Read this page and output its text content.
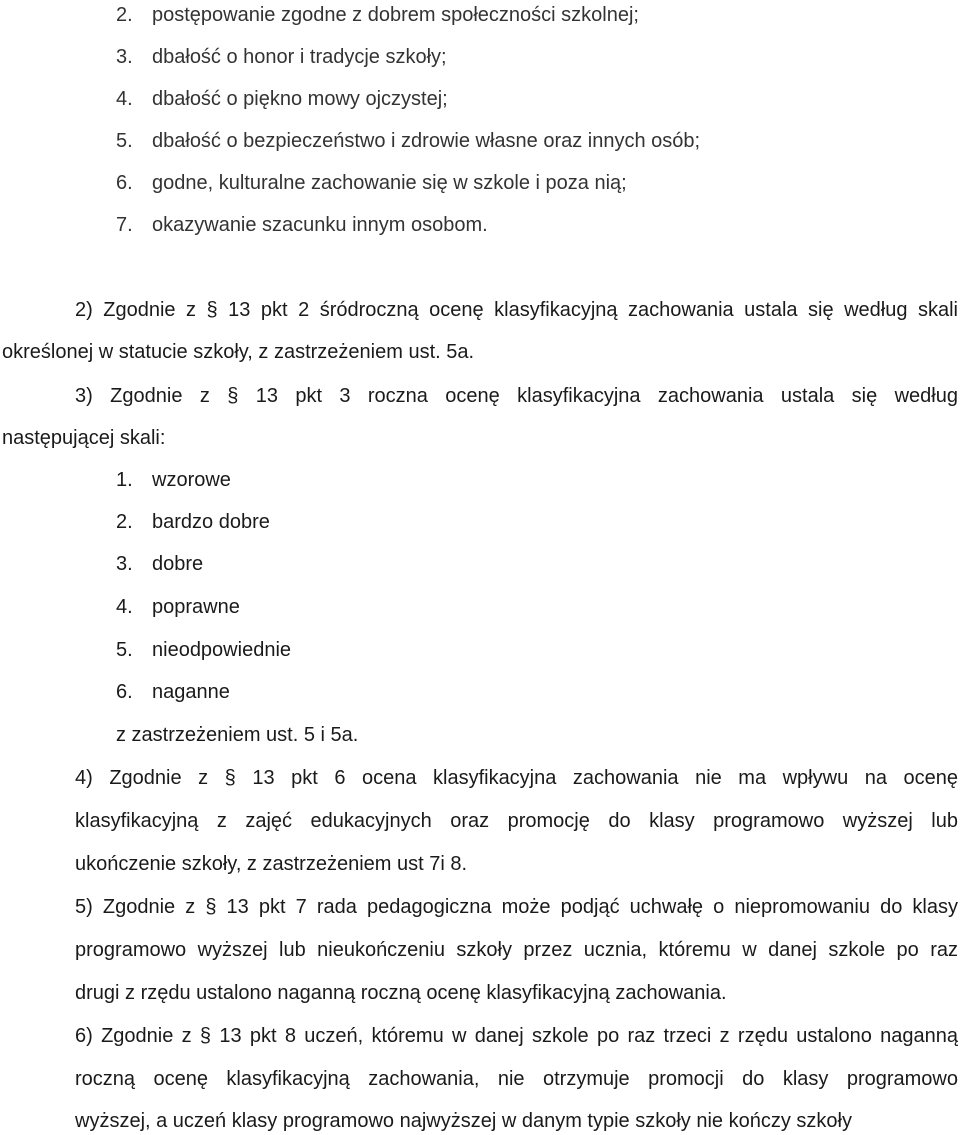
2. postępowanie zgodne z dobrem społeczności szkolnej;

3. dbałość o honor i tradycje szkoły;

4. dbałość o piękno mowy ojczystej;

5. dbałość o bezpieczeństwo i zdrowie własne oraz innych osób;

6. godne, kulturalne zachowanie się w szkole i poza nią;

7. okazywanie szacunku innym osobom.

2) Zgodnie z § 13 pkt 2 śródroczną ocenę klasyfikacyjną zachowania ustala się według skali

określonej w statucie szkoły, z zastrzeżeniem ust. 5a.

3) Zgodnie z § 13 pkt 3 roczna ocenę klasyfikacyjna zachowania ustala się według

następującej skali:

1. wzorowe

2. bardzo dobre

3. dobre

4. poprawne

5. nieodpowiednie

6. naganne

z zastrzeżeniem ust. 5 i 5a.

4) Zgodnie z § 13 pkt 6 ocena klasyfikacyjna zachowania nie ma wpływu na ocenę

klasyfikacyjną z zajęć edukacyjnych oraz promocję do klasy programowo wyższej lub

ukończenie szkoły, z zastrzeżeniem ust 7i 8.

5) Zgodnie z § 13 pkt 7 rada pedagogiczna może podjąć uchwałę o niepromowaniu do klasy

programowo wyższej lub nieukończeniu szkoły przez ucznia, któremu w danej szkole po raz

drugi z rzędu ustalono naganną roczną ocenę klasyfikacyjną zachowania.

6) Zgodnie z § 13 pkt 8 uczeń, któremu w danej szkole po raz trzeci z rzędu ustalono naganną

roczną ocenę klasyfikacyjną zachowania, nie otrzymuje promocji do klasy programowo

wyższej, a uczeń klasy programowo najwyższej w danym typie szkoły nie kończy szkoły
